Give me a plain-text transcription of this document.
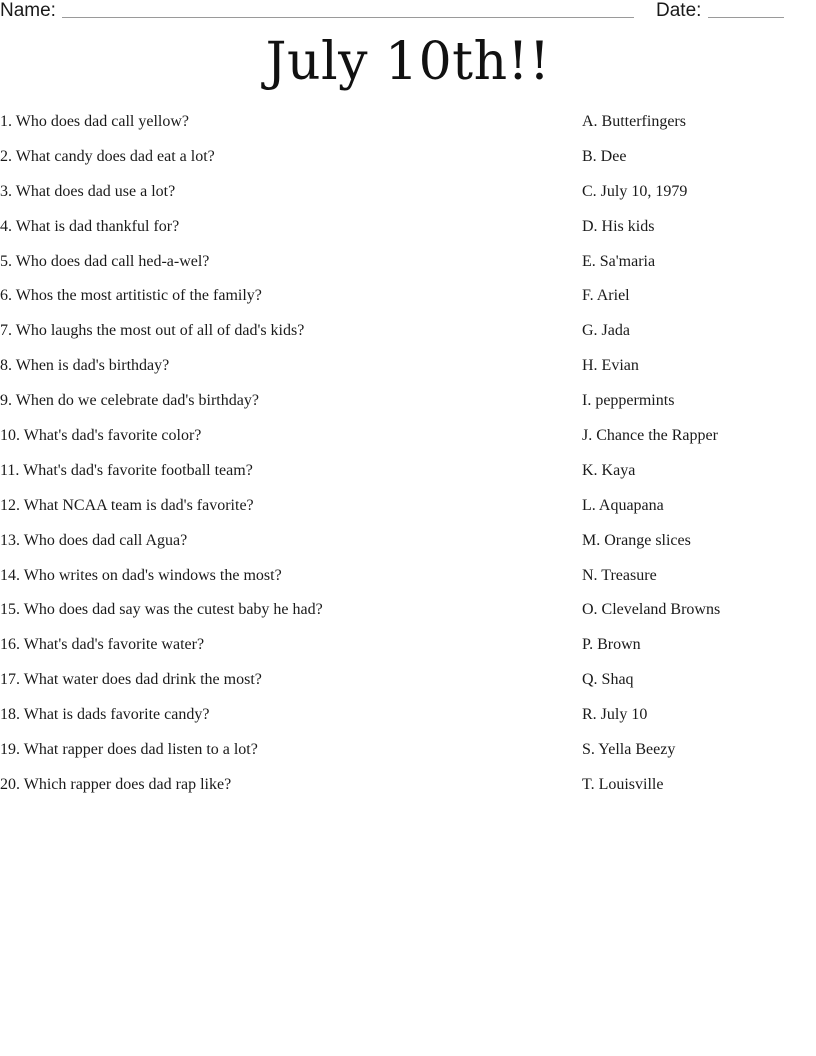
Name:	Date:
July 10th!!
1. Who does dad call yellow?
2. What candy does dad eat a lot?
3. What does dad use a lot?
4. What is dad thankful for?
5. Who does dad call hed-a-wel?
6. Whos the most artitistic of the family?
7. Who laughs the most out of all of dad's kids?
8. When is dad's birthday?
9. When do we celebrate dad's birthday?
10. What's dad's favorite color?
11. What's dad's favorite football team?
12. What NCAA team is dad's favorite?
13. Who does dad call Agua?
14. Who writes on dad's windows the most?
15. Who does dad say was the cutest baby he had?
16. What's dad's favorite water?
17. What water does dad drink the most?
18. What is dads favorite candy?
19. What rapper does dad listen to a lot?
20. Which rapper does dad rap like?
A. Butterfingers
B. Dee
C. July 10, 1979
D. His kids
E. Sa'maria
F. Ariel
G. Jada
H. Evian
I. peppermints
J. Chance the Rapper
K. Kaya
L. Aquapana
M. Orange slices
N. Treasure
O. Cleveland Browns
P. Brown
Q. Shaq
R. July 10
S. Yella Beezy
T. Louisville
